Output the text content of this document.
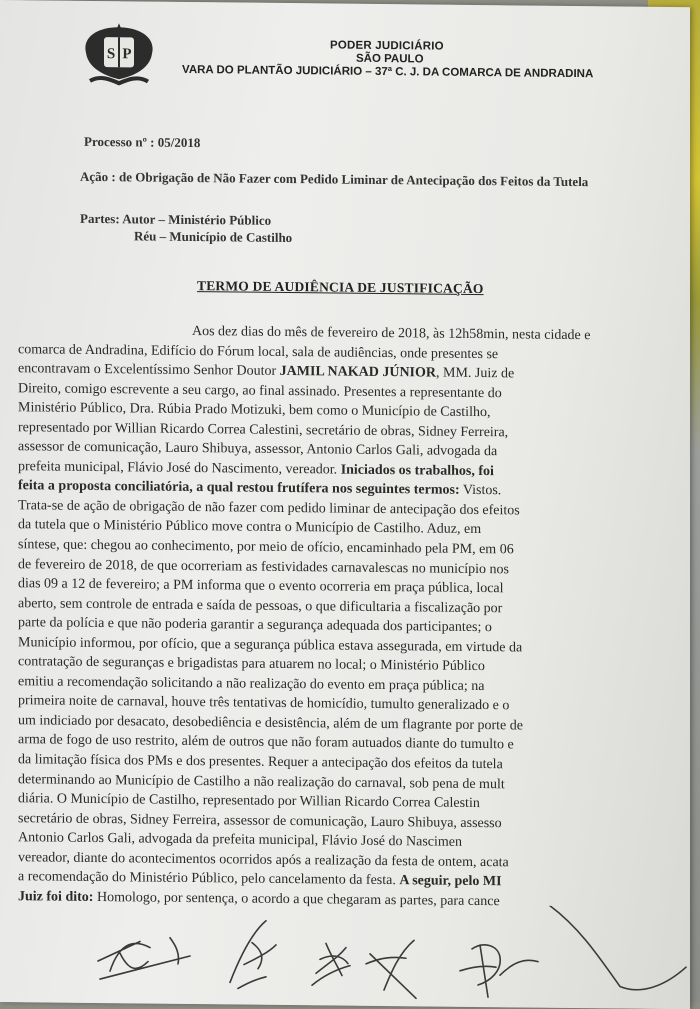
S P
PODER JUDICIÁRIO
SÃO PAULO
VARA DO PLANTÃO JUDICIÁRIO – 37ª C. J. DA COMARCA DE ANDRADINA
Processo nº : 05/2018
Ação : de Obrigação de Não Fazer com Pedido Liminar de Antecipação dos Feitos da Tutela
Partes: Autor – Ministério Público
Réu – Município de Castilho
TERMO DE AUDIÊNCIA DE JUSTIFICAÇÃO
Aos dez dias do mês de fevereiro de 2018, às 12h58min, nesta cidade e
comarca de Andradina, Edifício do Fórum local, sala de audiências, onde presentes se
encontravam o Excelentíssimo Senhor Doutor JAMIL NAKAD JÚNIOR, MM. Juiz de
Direito, comigo escrevente a seu cargo, ao final assinado. Presentes a representante do
Ministério Público, Dra. Rúbia Prado Motizuki, bem como o Município de Castilho,
representado por Willian Ricardo Correa Calestini, secretário de obras, Sidney Ferreira,
assessor de comunicação, Lauro Shibuya, assessor, Antonio Carlos Gali, advogada da
prefeita municipal, Flávio José do Nascimento, vereador. Iniciados os trabalhos, foi
feita a proposta conciliatória, a qual restou frutífera nos seguintes termos: Vistos.
Trata-se de ação de obrigação de não fazer com pedido liminar de antecipação dos efeitos
da tutela que o Ministério Público move contra o Município de Castilho. Aduz, em
síntese, que: chegou ao conhecimento, por meio de ofício, encaminhado pela PM, em 06
de fevereiro de 2018, de que ocorreriam as festividades carnavalescas no município nos
dias 09 a 12 de fevereiro; a PM informa que o evento ocorreria em praça pública, local
aberto, sem controle de entrada e saída de pessoas, o que dificultaria a fiscalização por
parte da polícia e que não poderia garantir a segurança adequada dos participantes; o
Município informou, por ofício, que a segurança pública estava assegurada, em virtude da
contratação de seguranças e brigadistas para atuarem no local; o Ministério Público
emitiu a recomendação solicitando a não realização do evento em praça pública; na
primeira noite de carnaval, houve três tentativas de homicídio, tumulto generalizado e o
um indiciado por desacato, desobediência e desistência, além de um flagrante por porte de
arma de fogo de uso restrito, além de outros que não foram autuados diante do tumulto e
da limitação física dos PMs e dos presentes. Requer a antecipação dos efeitos da tutela
determinando ao Município de Castilho a não realização do carnaval, sob pena de mult
diária. O Município de Castilho, representado por Willian Ricardo Correa Calestin
secretário de obras, Sidney Ferreira, assessor de comunicação, Lauro Shibuya, assesso
Antonio Carlos Gali, advogada da prefeita municipal, Flávio José do Nascimen
vereador, diante do acontecimentos ocorridos após a realização da festa de ontem, acata
a recomendação do Ministério Público, pelo cancelamento da festa. A seguir, pelo MI
Juiz foi dito: Homologo, por sentença, o acordo a que chegaram as partes, para cance
